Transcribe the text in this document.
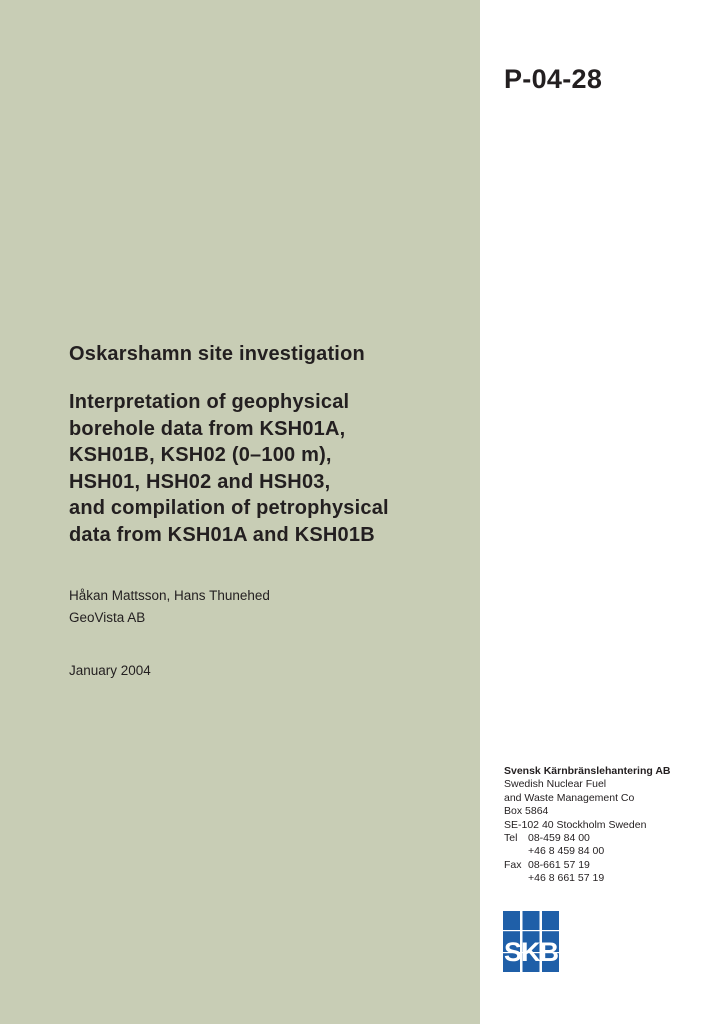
P-04-28
Oskarshamn site investigation
Interpretation of geophysical
borehole data from KSH01A,
KSH01B, KSH02 (0–100 m),
HSH01, HSH02 and HSH03,
and compilation of petrophysical
data from KSH01A and KSH01B
Håkan Mattsson, Hans Thunehed
GeoVista AB
January 2004
Svensk Kärnbränslehantering AB
Swedish Nuclear Fuel
and Waste Management Co
Box 5864
SE-102 40 Stockholm Sweden
Tel	08-459 84 00
+46 8 459 84 00
Fax 08-661 57 19
+46 8 661 57 19
SKB
